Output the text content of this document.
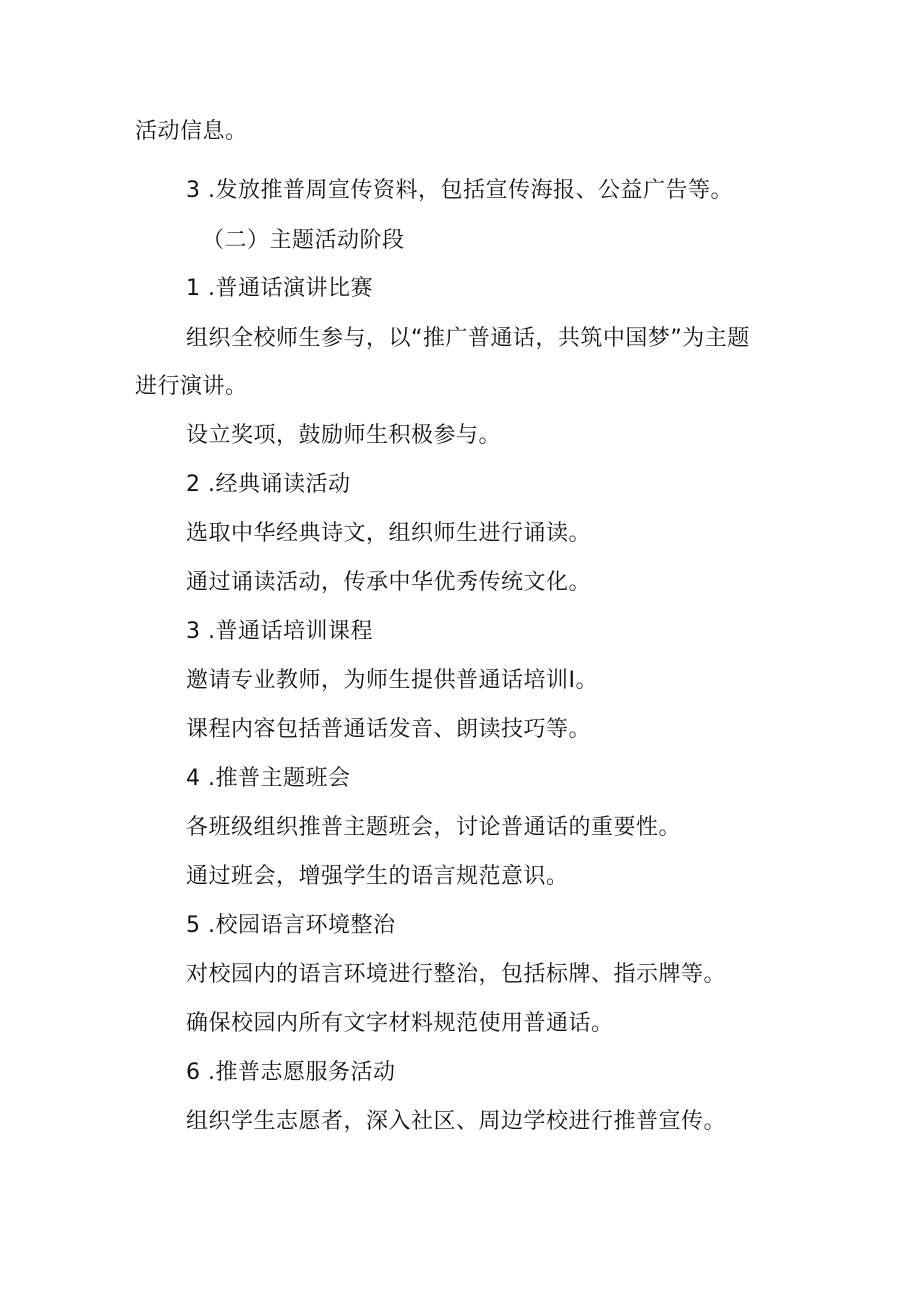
活动信息。
3 .发放推普周宣传资料，包括宣传海报、公益广告等。
（二）主题活动阶段
1 .普通话演讲比赛
组织全校师生参与，以“推广普通话，共筑中国梦”为主题
进行演讲。
设立奖项，鼓励师生积极参与。
2 .经典诵读活动
选取中华经典诗文，组织师生进行诵读。
通过诵读活动，传承中华优秀传统文化。
3 .普通话培训课程
邀请专业教师，为师生提供普通话培训I。
课程内容包括普通话发音、朗读技巧等。
4 .推普主题班会
各班级组织推普主题班会，讨论普通话的重要性。
通过班会，增强学生的语言规范意识。
5 .校园语言环境整治
对校园内的语言环境进行整治，包括标牌、指示牌等。
确保校园内所有文字材料规范使用普通话。
6 .推普志愿服务活动
组织学生志愿者，深入社区、周边学校进行推普宣传。
